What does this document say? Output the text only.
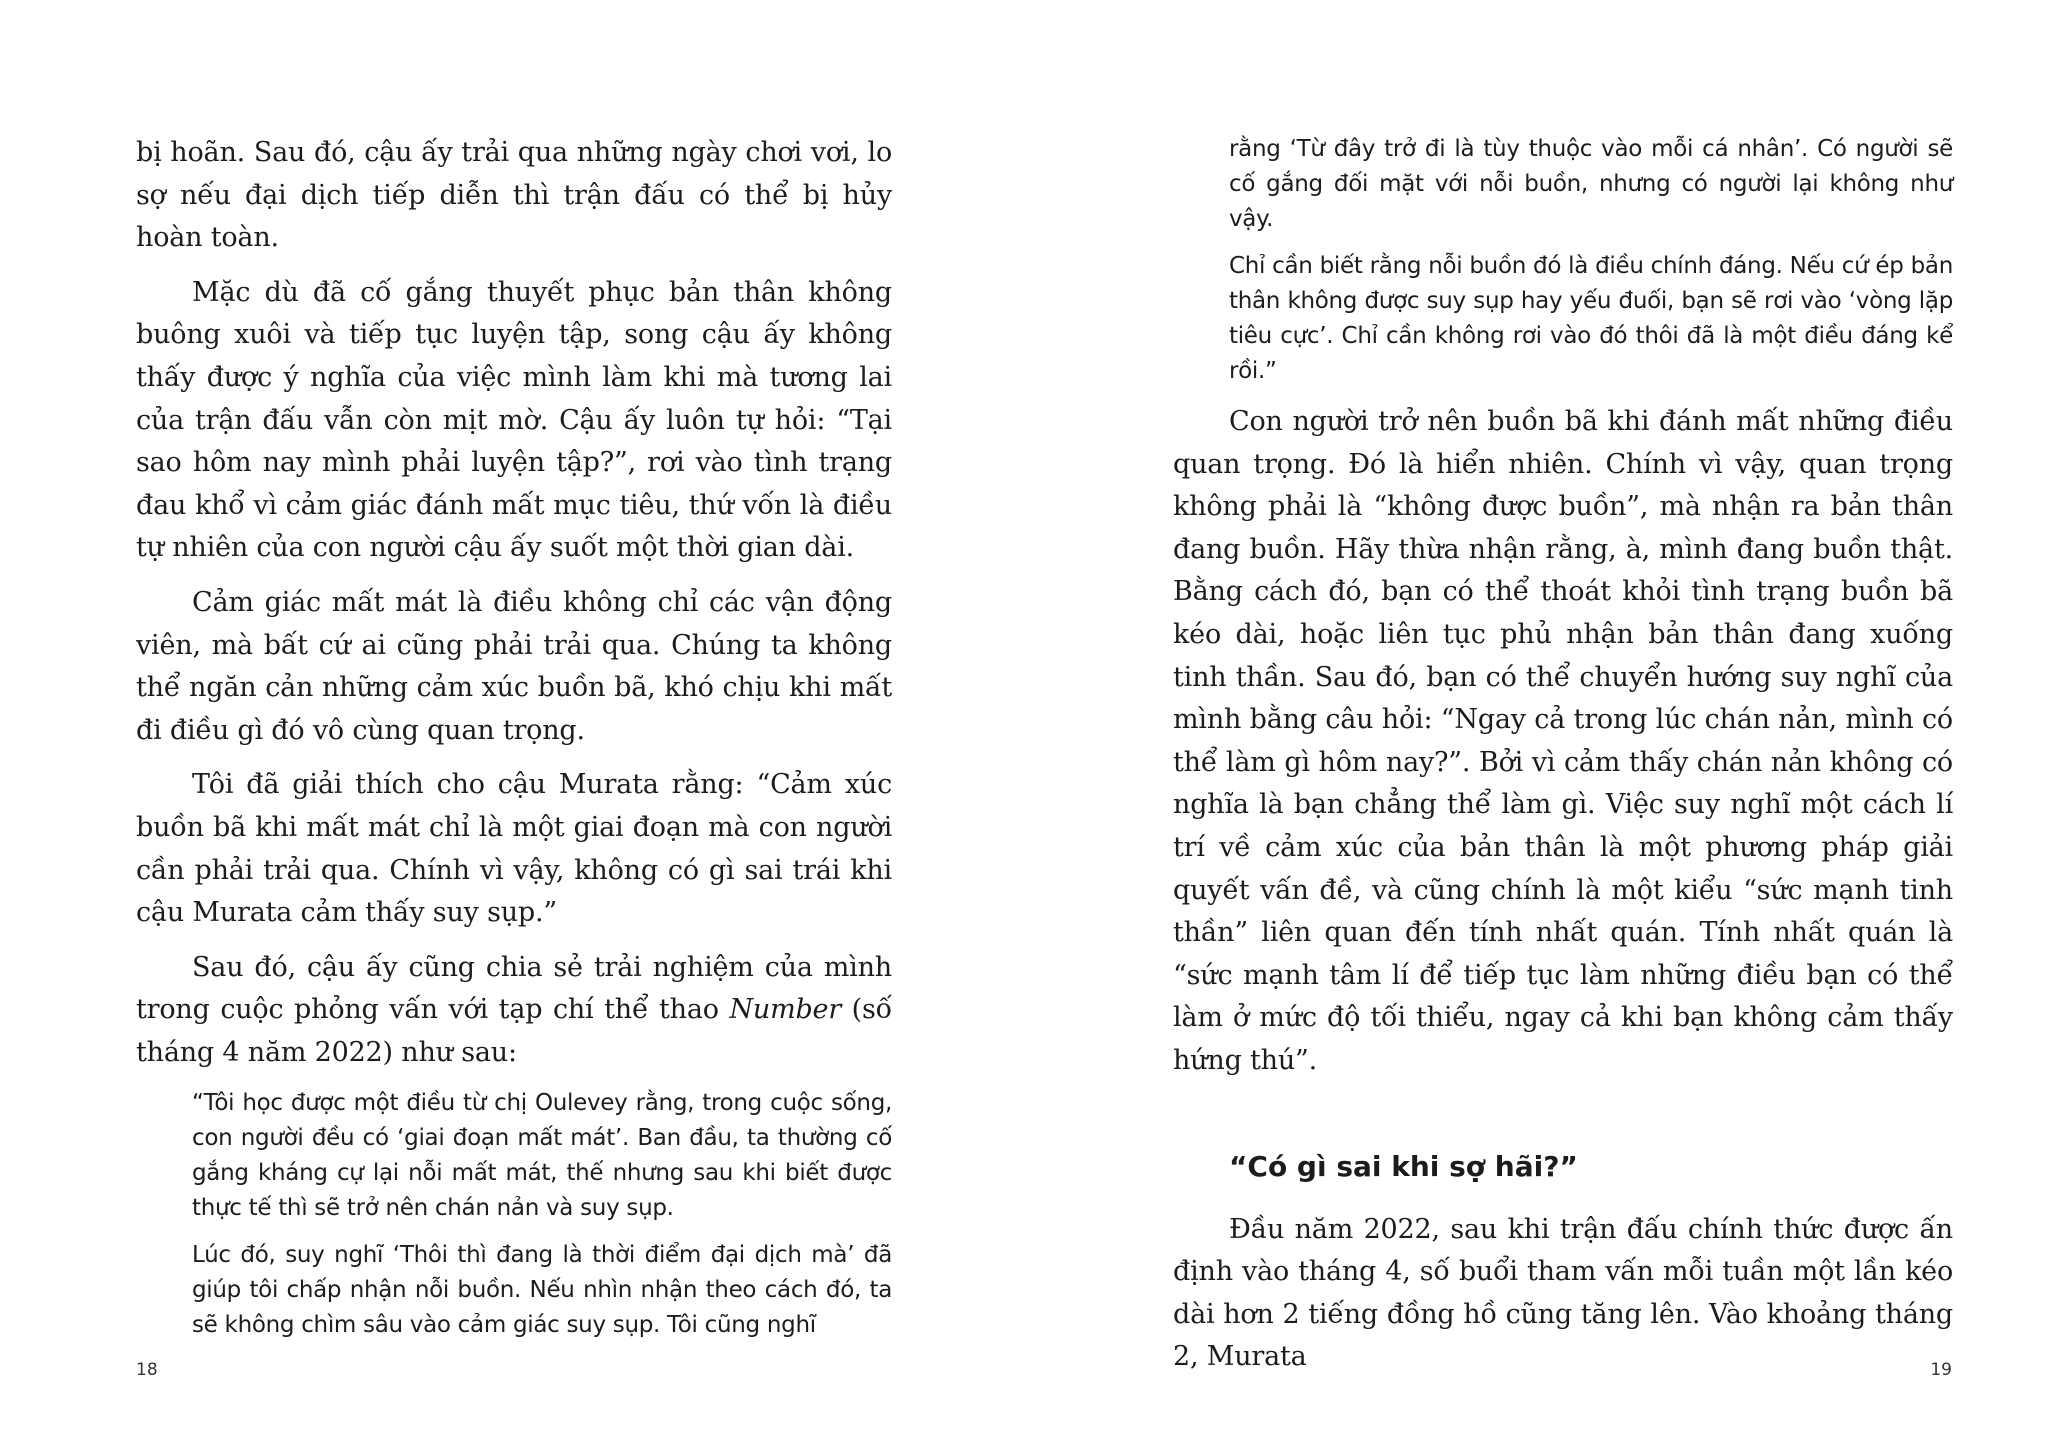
bị hoãn. Sau đó, cậu ấy trải qua những ngày chơi vơi, lo sợ nếu đại dịch tiếp diễn thì trận đấu có thể bị hủy hoàn toàn.

Mặc dù đã cố gắng thuyết phục bản thân không buông xuôi và tiếp tục luyện tập, song cậu ấy không thấy được ý nghĩa của việc mình làm khi mà tương lai của trận đấu vẫn còn mịt mờ. Cậu ấy luôn tự hỏi: “Tại sao hôm nay mình phải luyện tập?”, rơi vào tình trạng đau khổ vì cảm giác đánh mất mục tiêu, thứ vốn là điều tự nhiên của con người cậu ấy suốt một thời gian dài.

Cảm giác mất mát là điều không chỉ các vận động viên, mà bất cứ ai cũng phải trải qua. Chúng ta không thể ngăn cản những cảm xúc buồn bã, khó chịu khi mất đi điều gì đó vô cùng quan trọng.

Tôi đã giải thích cho cậu Murata rằng: “Cảm xúc buồn bã khi mất mát chỉ là một giai đoạn mà con người cần phải trải qua. Chính vì vậy, không có gì sai trái khi cậu Murata cảm thấy suy sụp.”

Sau đó, cậu ấy cũng chia sẻ trải nghiệm của mình trong cuộc phỏng vấn với tạp chí thể thao Number (số tháng 4 năm 2022) như sau:

“Tôi học được một điều từ chị Oulevey rằng, trong cuộc sống, con người đều có ‘giai đoạn mất mát’. Ban đầu, ta thường cố gắng kháng cự lại nỗi mất mát, thế nhưng sau khi biết được thực tế thì sẽ trở nên chán nản và suy sụp.

Lúc đó, suy nghĩ ‘Thôi thì đang là thời điểm đại dịch mà’ đã giúp tôi chấp nhận nỗi buồn. Nếu nhìn nhận theo cách đó, ta sẽ không chìm sâu vào cảm giác suy sụp. Tôi cũng nghĩ

18

rằng ‘Từ đây trở đi là tùy thuộc vào mỗi cá nhân’. Có người sẽ cố gắng đối mặt với nỗi buồn, nhưng có người lại không như vậy.

Chỉ cần biết rằng nỗi buồn đó là điều chính đáng. Nếu cứ ép bản thân không được suy sụp hay yếu đuối, bạn sẽ rơi vào ‘vòng lặp tiêu cực’. Chỉ cần không rơi vào đó thôi đã là một điều đáng kể rồi.”

Con người trở nên buồn bã khi đánh mất những điều quan trọng. Đó là hiển nhiên. Chính vì vậy, quan trọng không phải là “không được buồn”, mà nhận ra bản thân đang buồn. Hãy thừa nhận rằng, à, mình đang buồn thật. Bằng cách đó, bạn có thể thoát khỏi tình trạng buồn bã kéo dài, hoặc liên tục phủ nhận bản thân đang xuống tinh thần. Sau đó, bạn có thể chuyển hướng suy nghĩ của mình bằng câu hỏi: “Ngay cả trong lúc chán nản, mình có thể làm gì hôm nay?”. Bởi vì cảm thấy chán nản không có nghĩa là bạn chẳng thể làm gì. Việc suy nghĩ một cách lí trí về cảm xúc của bản thân là một phương pháp giải quyết vấn đề, và cũng chính là một kiểu “sức mạnh tinh thần” liên quan đến tính nhất quán. Tính nhất quán là “sức mạnh tâm lí để tiếp tục làm những điều bạn có thể làm ở mức độ tối thiểu, ngay cả khi bạn không cảm thấy hứng thú”.

“Có gì sai khi sợ hãi?”

Đầu năm 2022, sau khi trận đấu chính thức được ấn định vào tháng 4, số buổi tham vấn mỗi tuần một lần kéo dài hơn 2 tiếng đồng hồ cũng tăng lên. Vào khoảng tháng 2, Murata	19
